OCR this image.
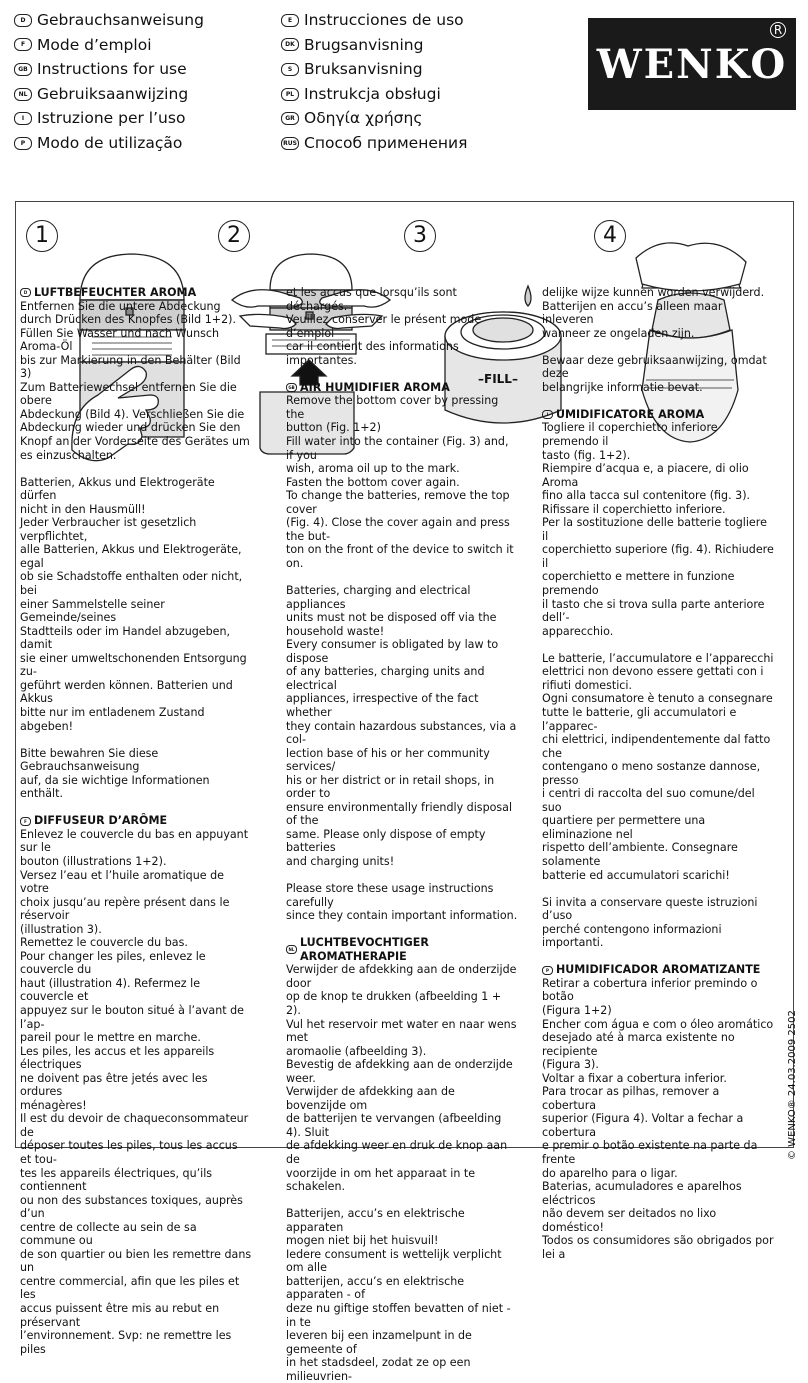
D Gebrauchsanweisung
F Mode d’emploi
GB Instructions for use
NL Gebruiksaanwijzing
I Istruzione per l’uso
P Modo de utilização
E Instrucciones de uso
DK Brugsanvisning
S Bruksanvisning
PL Instrukcja obsługi
GR Οδηγία χρήσης
RUS Способ применения
WENKO
R
1	2	3	4
–FILL–
D LUFTBEFEUCHTER AROMA

Entfernen Sie die untere Abdeckung

durch Drücken des Knopfes (Bild 1+2).

Füllen Sie Wasser und nach Wunsch Aroma-Öl

bis zur Markierung in den Behälter (Bild 3)

Zum Batteriewechsel entfernen Sie die obere

Abdeckung (Bild 4). Verschließen Sie die

Abdeckung wieder und drücken Sie den

Knopf an der Vorderseite des Gerätes um

es einzuschalten.

Batterien, Akkus und Elektrogeräte dürfen

nicht in den Hausmüll!

Jeder Verbraucher ist gesetzlich verpflichtet,

alle Batterien, Akkus und Elektrogeräte, egal

ob sie Schadstoffe enthalten oder nicht, bei

einer Sammelstelle seiner Gemeinde/seines

Stadtteils oder im Handel abzugeben, damit

sie einer umweltschonenden Entsorgung zu-

geführt werden können. Batterien und Akkus

bitte nur im entladenem Zustand abgeben!

Bitte bewahren Sie diese Gebrauchsanweisung

auf, da sie wichtige Informationen enthält.

F DIFFUSEUR D’ARÔME

Enlevez le couvercle du bas en appuyant sur le

bouton (illustrations 1+2).

Versez l’eau et l’huile aromatique de votre

choix jusqu’au repère présent dans le réservoir

(illustration 3).

Remettez le couvercle du bas.

Pour changer les piles, enlevez le couvercle du

haut (illustration 4). Refermez le couvercle et

appuyez sur le bouton situé à l’avant de l’ap-

pareil pour le mettre en marche.

Les piles, les accus et les appareils électriques

ne doivent pas être jetés avec les ordures

ménagères!

Il est du devoir de chaqueconsommateur de

déposer toutes les piles, tous les accus et tou-

tes les appareils électriques, qu’ils contiennent

ou non des substances toxiques, auprès d’un

centre de collecte au sein de sa commune ou

de son quartier ou bien les remettre dans un

centre commercial, afin que les piles et les

accus puissent être mis au rebut en préservant

l’environnement. Svp: ne remettre les piles

et les accus que lorsqu’ils sont déchargés.

Veuillez conserver le présent mode d’emploi

car il contient des informations importantes.

GB AIR HUMIDIFIER AROMA

Remove the bottom cover by pressing the

button (Fig. 1+2)

Fill water into the container (Fig. 3) and, if you

wish, aroma oil up to the mark.

Fasten the bottom cover again.

To change the batteries, remove the top cover

(Fig. 4). Close the cover again and press the but-

ton on the front of the device to switch it on.

Batteries, charging and electrical appliances

units must not be disposed off via the

household waste!

Every consumer is obligated by law to dispose

of any batteries, charging units and electrical

appliances, irrespective of the fact whether

they contain hazardous substances, via a col-

lection base of his or her community services/

his or her district or in retail shops, in order to

ensure environmentally friendly disposal of the

same. Please only dispose of empty batteries

and charging units!

Please store these usage instructions carefully

since they contain important information.

NL
LUCHTBEVOCHTIGER AROMATHERAPIE

Verwijder de afdekking aan de onderzijde door

op de knop te drukken (afbeelding 1 + 2).

Vul het reservoir met water en naar wens met

aromaolie (afbeelding 3).

Bevestig de afdekking aan de onderzijde weer.

Verwijder de afdekking aan de bovenzijde om

de batterijen te vervangen (afbeelding 4). Sluit

de afdekking weer en druk de knop aan de

voorzijde in om het apparaat in te schakelen.

Batterijen, accu’s en elektrische apparaten

mogen niet bij het huisvuil!

Iedere consument is wettelijk verplicht om alle

batterijen, accu’s en elektrische apparaten - of

deze nu giftige stoffen bevatten of niet - in te

leveren bij een inzamelpunt in de gemeente of

in het stadsdeel, zodat ze op een milieuvrien-

delijke wijze kunnen worden verwijderd.

Batterijen en accu’s alleen maar inleveren

wanneer ze ongeladen zijn.

Bewaar deze gebruiksaanwijzing, omdat deze

belangrijke informatie bevat.

I UMIDIFICATORE AROMA

Togliere il coperchietto inferiore premendo il

tasto (fig. 1+2).

Riempire d’acqua e, a piacere, di olio Aroma

fino alla tacca sul contenitore (fig. 3).

Rifissare il coperchietto inferiore.

Per la sostituzione delle batterie togliere il

coperchietto superiore (fig. 4). Richiudere il

coperchietto e mettere in funzione premendo

il tasto che si trova sulla parte anteriore dell’-

apparecchio.

Le batterie, l’accumulatore e l’apparecchi

elettrici non devono essere gettati con i

rifiuti domestici.

Ogni consumatore è tenuto a consegnare

tutte le batterie, gli accumulatori e l’apparec-

chi elettrici, indipendentemente dal fatto che

contengano o meno sostanze dannose, presso

i centri di raccolta del suo comune/del suo

quartiere per permettere una eliminazione nel

rispetto dell’ambiente. Consegnare solamente

batterie ed accumulatori scarichi!

Si invita a conservare queste istruzioni d’uso

perché contengono informazioni importanti.

P HUMIDIFICADOR AROMATIZANTE

Retirar a cobertura inferior premindo o botão

(Figura 1+2)

Encher com água e com o óleo aromático

desejado até à marca existente no recipiente

(Figura 3).

Voltar a fixar a cobertura inferior.

Para trocar as pilhas, remover a cobertura

superior (Figura 4). Voltar a fechar a cobertura

e premir o botão existente na parte da frente

do aparelho para o ligar.

Baterias, acumuladores e aparelhos eléctricos

não devem ser deitados no lixo doméstico!

Todos os consumidores são obrigados por lei a

© WENKO® 24.03.2009 2502
